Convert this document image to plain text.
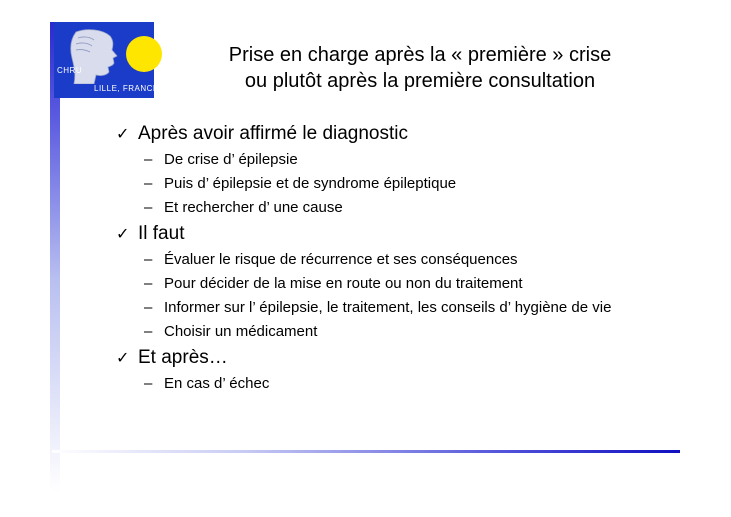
CHRU
LILLE, FRANCE
Prise en charge après la « première » crise
ou plutôt après la première consultation
✓ Après avoir affirmé le diagnostic
– De crise d’ épilepsie
– Puis d’ épilepsie et de syndrome épileptique
– Et rechercher d’ une cause
✓ Il faut
– Évaluer le risque de récurrence et ses conséquences
– Pour décider de la mise en route ou non du traitement
– Informer sur l’ épilepsie, le traitement, les conseils d’ hygiène de vie
– Choisir un médicament
✓ Et après…
– En cas d’ échec
